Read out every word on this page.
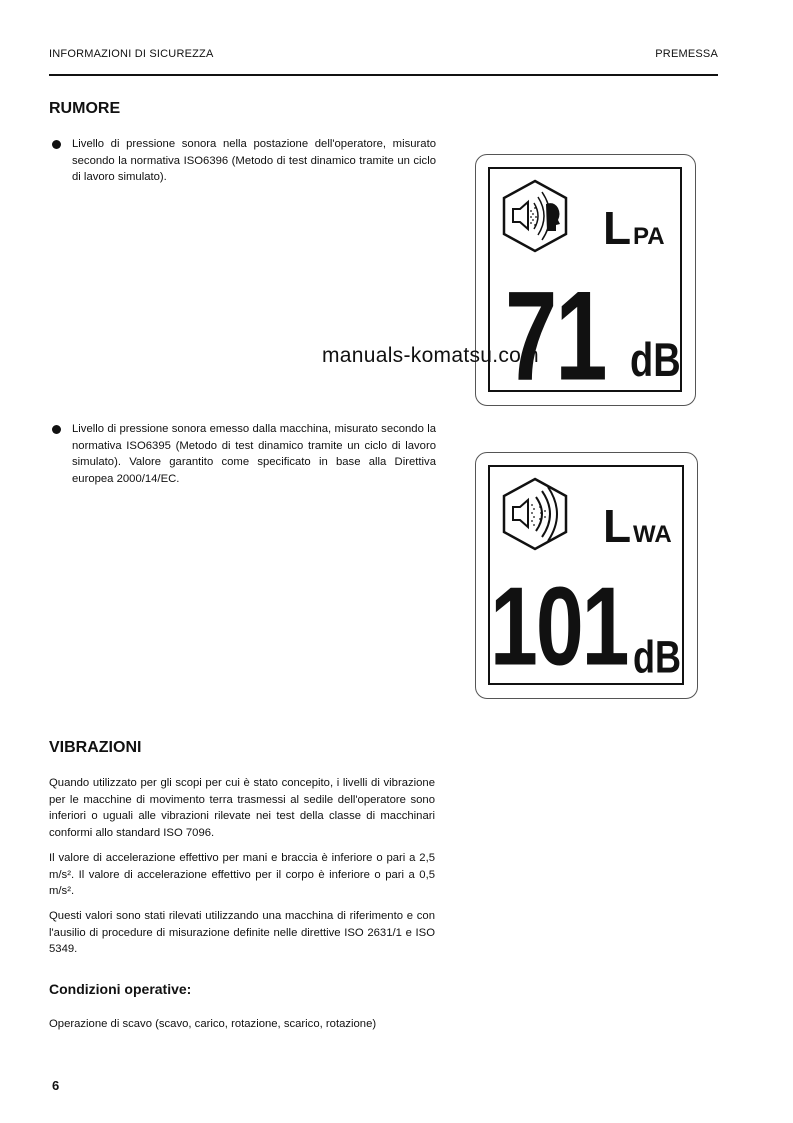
INFORMAZIONI DI SICUREZZA	PREMESSA
RUMORE
Livello di pressione sonora nella postazione dell'operatore, misurato secondo la normativa ISO6396 (Metodo di test dinamico tramite un ciclo di lavoro simulato).
Livello di pressione sonora emesso dalla macchina, misurato secondo la normativa ISO6395 (Metodo di test dinamico tramite un ciclo di lavoro simulato). Valore garantito come specificato in base alla Direttiva europea 2000/14/EC.
L PA
71 dB
L WA
101 dB
manuals-komatsu.com
VIBRAZIONI
Quando utilizzato per gli scopi per cui è stato concepito, i livelli di vibrazione per le macchine di movimento terra trasmessi al sedile dell'operatore sono inferiori o uguali alle vibrazioni rilevate nei test della classe di macchinari conformi allo standard ISO 7096.
Il valore di accelerazione effettivo per mani e braccia è inferiore o pari a 2,5 m/s². Il valore di accelerazione effettivo per il corpo è inferiore o pari a 0,5 m/s².
Questi valori sono stati rilevati utilizzando una macchina di riferimento e con l'ausilio di procedure di misurazione definite nelle direttive ISO 2631/1 e ISO 5349.
Condizioni operative:
Operazione di scavo (scavo, carico, rotazione, scarico, rotazione)
6
